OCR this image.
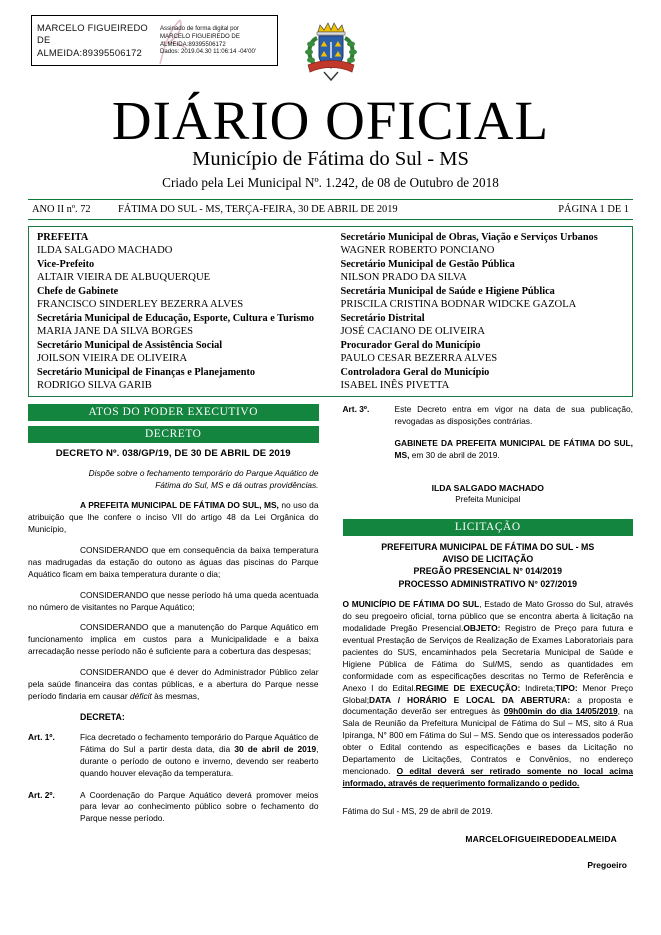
MARCELO FIGUEIREDO DE ALMEIDA:89395506172
Assinado de forma digital por
MARCELO FIGUEIREDO DE
ALMEIDA:89395506172
Dados: 2019.04.30 11:06:14 -04'00'
DIÁRIO OFICIAL
Município de Fátima do Sul - MS
Criado pela Lei Municipal Nº. 1.242, de 08 de Outubro de 2018
ANO II nº. 72	FÁTIMA DO SUL - MS, TERÇA-FEIRA, 30 DE ABRIL DE 2019	PÁGINA 1 DE 1
PREFEITA
ILDA SALGADO MACHADO
Vice-Prefeito
ALTAIR VIEIRA DE ALBUQUERQUE
Chefe de Gabinete
FRANCISCO SINDERLEY BEZERRA ALVES
Secretária Municipal de Educação, Esporte, Cultura e Turismo
MARIA JANE DA SILVA BORGES
Secretário Municipal de Assistência Social
JOILSON VIEIRA DE OLIVEIRA
Secretário Municipal de Finanças e Planejamento
RODRIGO SILVA GARIB
Secretário Municipal de Obras, Viação e Serviços Urbanos
WAGNER ROBERTO PONCIANO
Secretário Municipal de Gestão Pública
NILSON PRADO DA SILVA
Secretária Municipal de Saúde e Higiene Pública
PRISCILA CRISTINA BODNAR WIDCKE GAZOLA
Secretário Distrital
JOSÉ CACIANO DE OLIVEIRA
Procurador Geral do Município
PAULO CESAR BEZERRA ALVES
Controladora Geral do Município
ISABEL INÊS PIVETTA
ATOS DO PODER EXECUTIVO
DECRETO
DECRETO Nº. 038/GP/19, DE 30 DE ABRIL DE 2019
Dispõe sobre o fechamento temporário do Parque Aquático de Fátima do Sul, MS e dá outras providências.

A PREFEITA MUNICIPAL DE FÁTIMA DO SUL, MS, no uso da atribuição que lhe confere o inciso VII do artigo 48 da Lei Orgânica do Município,

CONSIDERANDO que em consequência da baixa temperatura nas madrugadas da estação do outono as águas das piscinas do Parque Aquático ficam em baixa temperatura durante o dia;

CONSIDERANDO que nesse período há uma queda acentuada no número de visitantes no Parque Aquático;

CONSIDERANDO que a manutenção do Parque Aquático em funcionamento implica em custos para a Municipalidade e a baixa arrecadação nesse período não é suficiente para a cobertura das despesas;

CONSIDERANDO que é dever do Administrador Público zelar pela saúde financeira das contas públicas, e a abertura do Parque nesse período findaria em causar déficit às mesmas,

DECRETA:
Art. 1º.	Fica decretado o fechamento temporário do Parque Aquático de Fátima do Sul a partir desta data, dia 30 de abril de 2019, durante o período de outono e inverno, devendo ser reaberto quando houver elevação da temperatura.
Art. 2º.	A Coordenação do Parque Aquático deverá promover meios para levar ao conhecimento público sobre o fechamento do Parque nesse período.
Art. 3º.	Este Decreto entra em vigor na data de sua publicação, revogadas as disposições contrárias.
GABINETE DA PREFEITA MUNICIPAL DE FÁTIMA DO SUL, MS, em 30 de abril de 2019.
ILDA SALGADO MACHADO
Prefeita Municipal
LICITAÇÃO
PREFEITURA MUNICIPAL DE FÁTIMA DO SUL - MS
AVISO DE LICITAÇÃO
PREGÃO PRESENCIAL N° 014/2019
PROCESSO ADMINISTRATIVO N° 027/2019

O MUNICÍPIO DE FÁTIMA DO SUL, Estado de Mato Grosso do Sul, através do seu pregoeiro oficial, torna público que se encontra aberta à licitação na modalidade Pregão Presencial.OBJETO: Registro de Preço para futura e eventual Prestação de Serviços de Realização de Exames Laboratoriais para pacientes do SUS, encaminhados pela Secretaria Municipal de Saúde e Higiene Pública de Fátima do Sul/MS, sendo as quantidades em conformidade com as especificações descritas no Termo de Referência e Anexo I do Edital.REGIME DE EXECUÇÃO: Indireta;TIPO: Menor Preço Global;DATA / HORÁRIO E LOCAL DA ABERTURA: a proposta e documentação deverão ser entregues às 09h00min do dia 14/05/2019, na Sala de Reunião da Prefeitura Municipal de Fátima do Sul – MS, sito á Rua Ipiranga, N° 800 em Fátima do Sul – MS. Sendo que os interessados poderão obter o Edital contendo as especificações e bases da Licitação no Departamento de Licitações, Contratos e Convênios, no endereço mencionado. O edital deverá ser retirado somente no local acima informado, através de requerimento formalizando o pedido.

Fátima do Sul - MS, 29 de abril de 2019.
MARCELOFIGUEIREDODEALMEIDA
Pregoeiro
